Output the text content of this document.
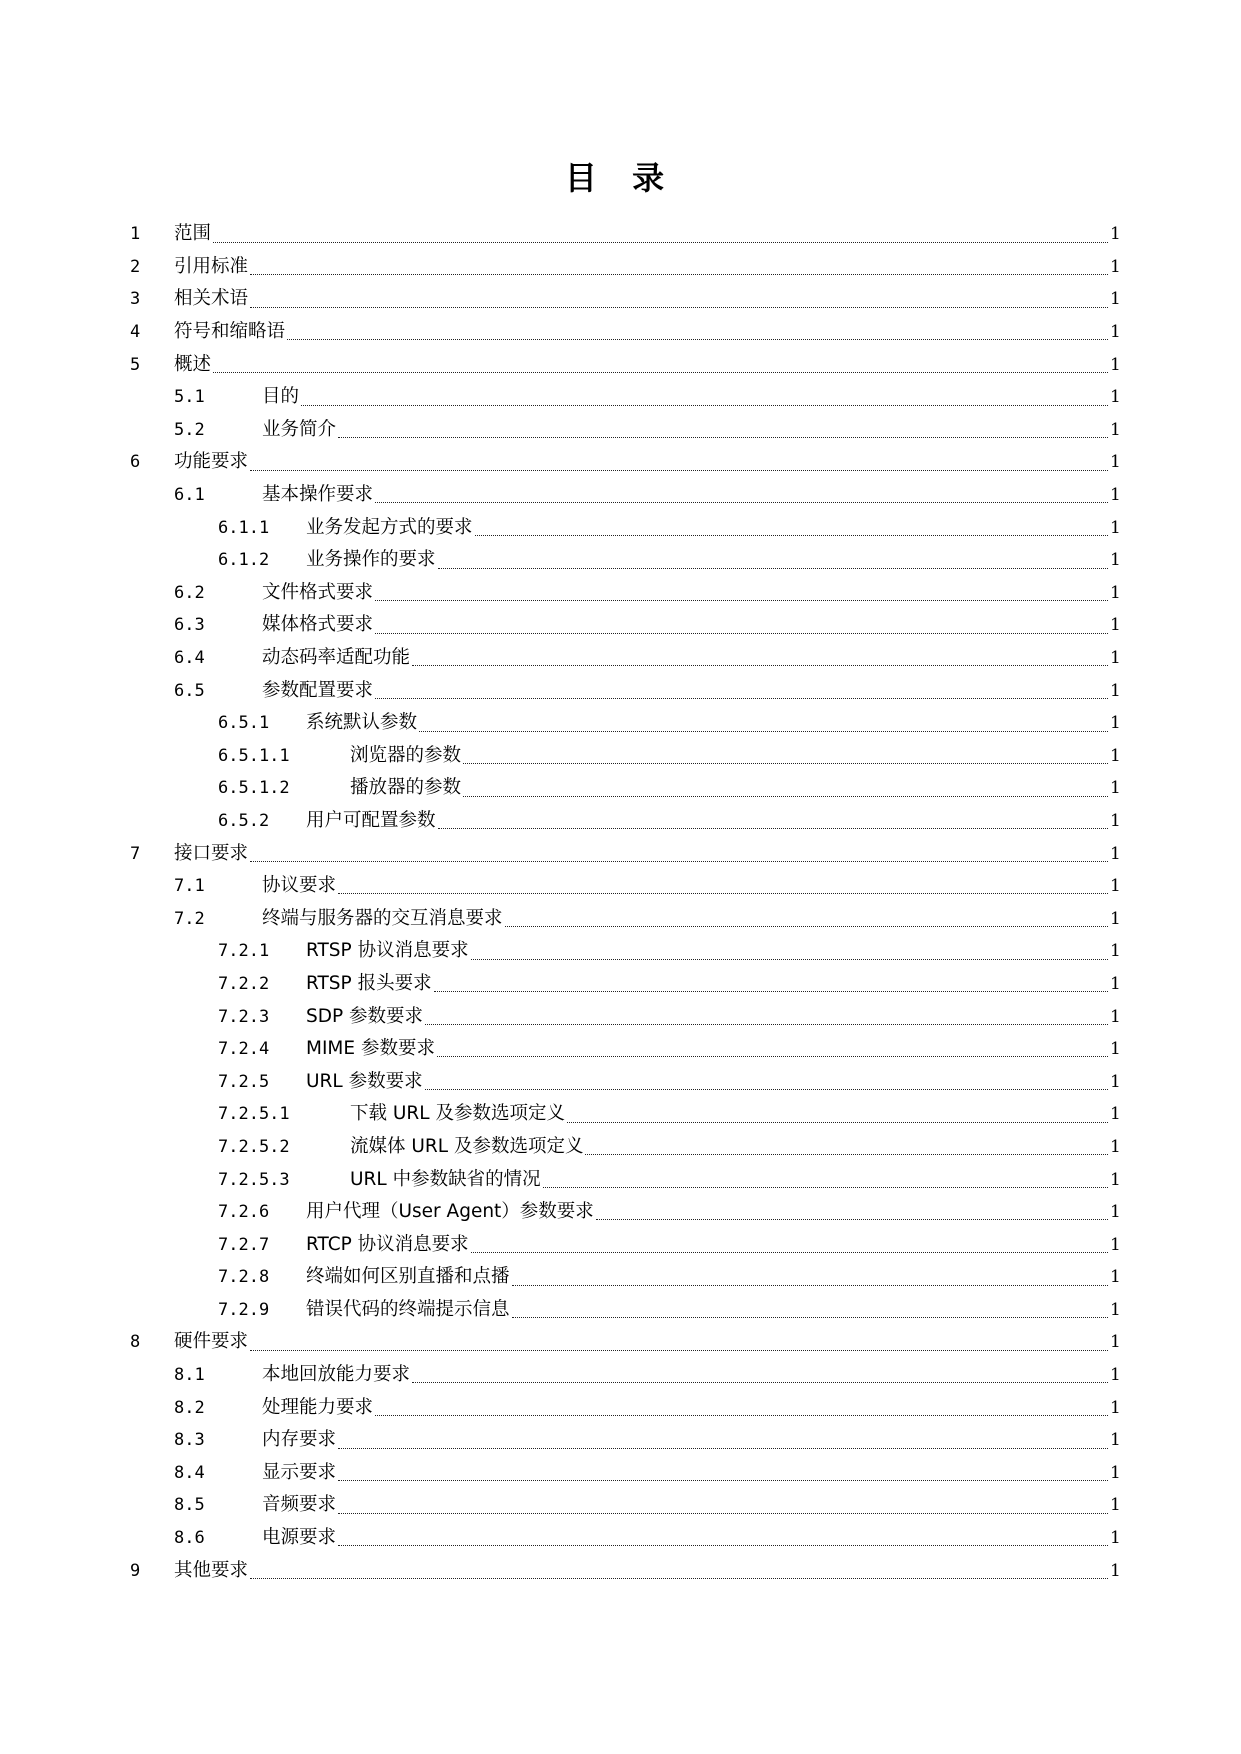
目 录
1	范围	1
2	引用标准	1
3	相关术语	1
4	符号和缩略语	1
5	概述	1
5.1	目的	1
5.2	业务简介	1
6	功能要求	1
6.1	基本操作要求	1
6.1.1	业务发起方式的要求	1
6.1.2	业务操作的要求	1
6.2	文件格式要求	1
6.3	媒体格式要求	1
6.4	动态码率适配功能	1
6.5	参数配置要求	1
6.5.1	系统默认参数	1
6.5.1.1	浏览器的参数	1
6.5.1.2	播放器的参数	1
6.5.2	用户可配置参数	1
7	接口要求	1
7.1	协议要求	1
7.2	终端与服务器的交互消息要求	1
7.2.1	RTSP 协议消息要求	1
7.2.2	RTSP 报头要求	1
7.2.3	SDP 参数要求	1
7.2.4	MIME 参数要求	1
7.2.5	URL 参数要求	1
7.2.5.1	下载 URL 及参数选项定义	1
7.2.5.2	流媒体 URL 及参数选项定义	1
7.2.5.3	URL 中参数缺省的情况	1
7.2.6	用户代理（User Agent）参数要求	1
7.2.7	RTCP 协议消息要求	1
7.2.8	终端如何区别直播和点播	1
7.2.9	错误代码的终端提示信息	1
8	硬件要求	1
8.1	本地回放能力要求	1
8.2	处理能力要求	1
8.3	内存要求	1
8.4	显示要求	1
8.5	音频要求	1
8.6	电源要求	1
9	其他要求	1
